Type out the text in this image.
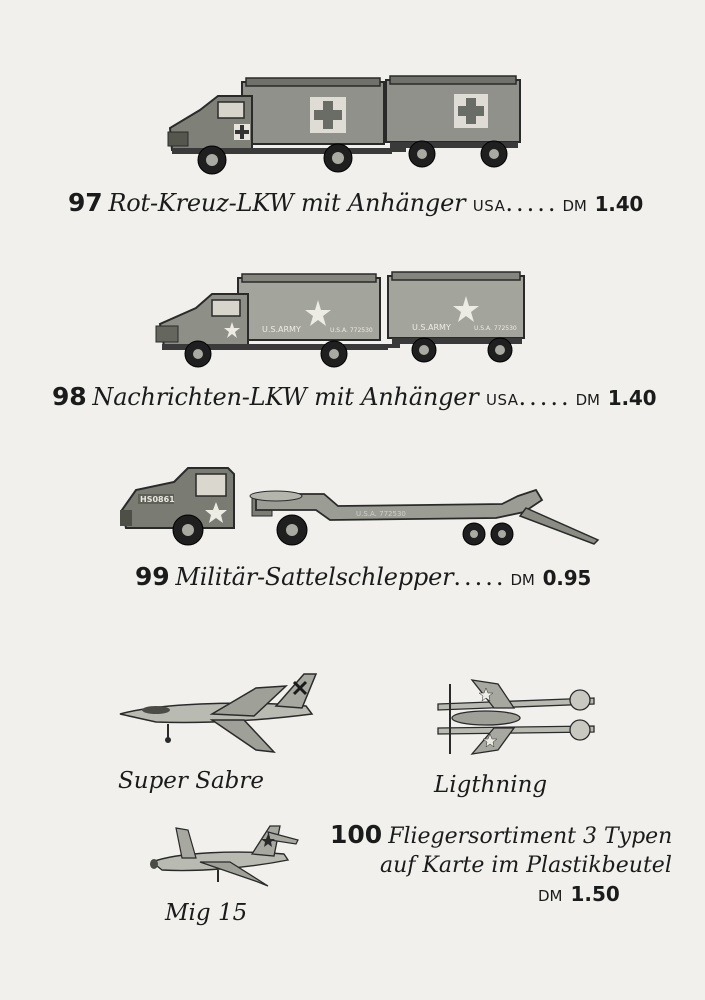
97 Rot-Kreuz-LKW mit Anhänger USA..... DM 1.40
U.S.ARMY	U.S.A. 772530	U.S.ARMY	U.S.A. 772530
98 Nachrichten-LKW mit Anhänger USA..... DM 1.40
U.S.A. 772530
HS0861
99 Militär-Sattelschlepper..... DM 0.95
Super Sabre	Ligthning
Mig 15
100 Fliegersortiment 3 Typen
auf Karte im Plastikbeutel
DM 1.50
